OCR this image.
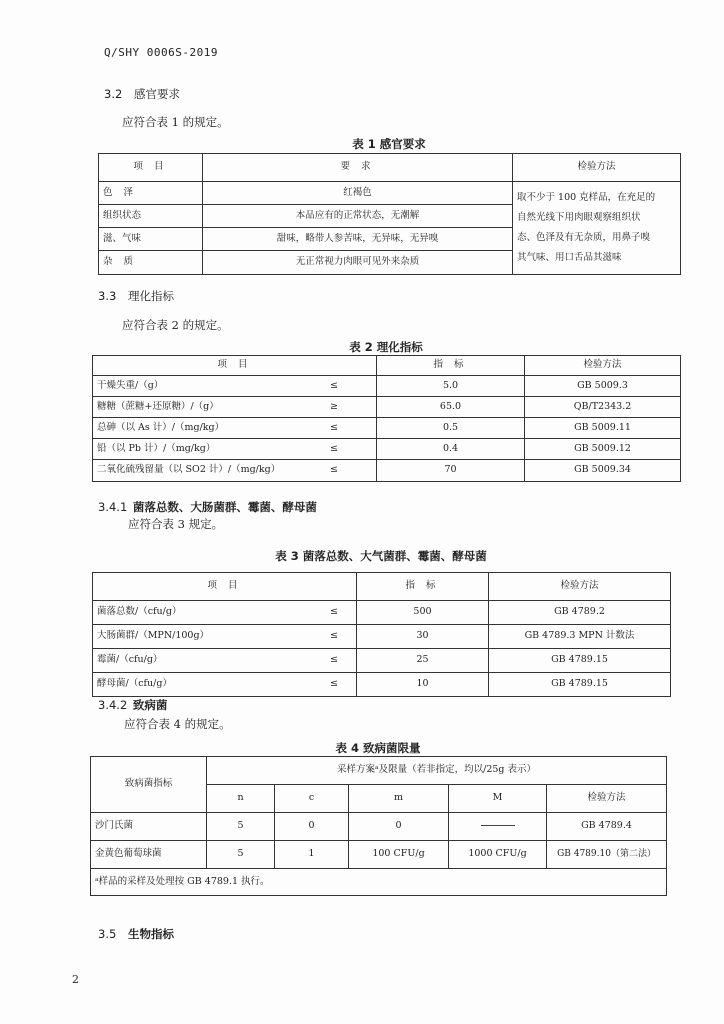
Q/SHY 0006S-2019
3.2 感官要求
应符合表 1 的规定。
表 1 感官要求
项 目	要 求	检验方法
色 泽	红褐色	取不少于 100 克样品，在充足的
自然光线下用肉眼观察组织状
态、色泽及有无杂质，用鼻子嗅
其气味、用口舌品其滋味

组织状态	本品应有的正常状态，无潮解	
滋、气味	甜味，略带人参苦味，无异味，无异嗅	
杂 质	无正常视力肉眼可见外来杂质	
3.3 理化指标
应符合表 2 的规定。
表 2 理化指标
项 目	指 标	检验方法
干燥失重/（g） ≤	5.0	GB 5009.3
糖糖（蔗糖+还原糖）/（g） ≥	65.0	QB/T2343.2
总砷（以 As 计）/（mg/kg） ≤	0.5	GB 5009.11
铅（以 Pb 计）/（mg/kg） ≤	0.4	GB 5009.12
二氧化硫残留量（以 SO2 计）/（mg/kg） ≤	70	GB 5009.34
3.4.1 菌落总数、大肠菌群、霉菌、酵母菌
应符合表 3 规定。
表 3 菌落总数、大气菌群、霉菌、酵母菌
项 目	指 标	检验方法
菌落总数/（cfu/g） ≤	500	GB 4789.2
大肠菌群/（MPN/100g） ≤	30	GB 4789.3 MPN 计数法
霉菌/（cfu/g） ≤	25	GB 4789.15
酵母菌/（cfu/g） ≤	10	GB 4789.15
3.4.2 致病菌
应符合表 4 的规定。
表 4 致病菌限量
致病菌指标	采样方案ᵃ及限量（若非指定，均以/25g 表示）				
	n	c	m	M	检验方法
沙门氏菌	5	0	0		GB 4789.4
金黄色葡萄球菌	5	1	100 CFU/g	1000 CFU/g	GB 4789.10（第二法）
ᵃ样品的采样及处理按 GB 4789.1 执行。					
3.5 生物指标
2
